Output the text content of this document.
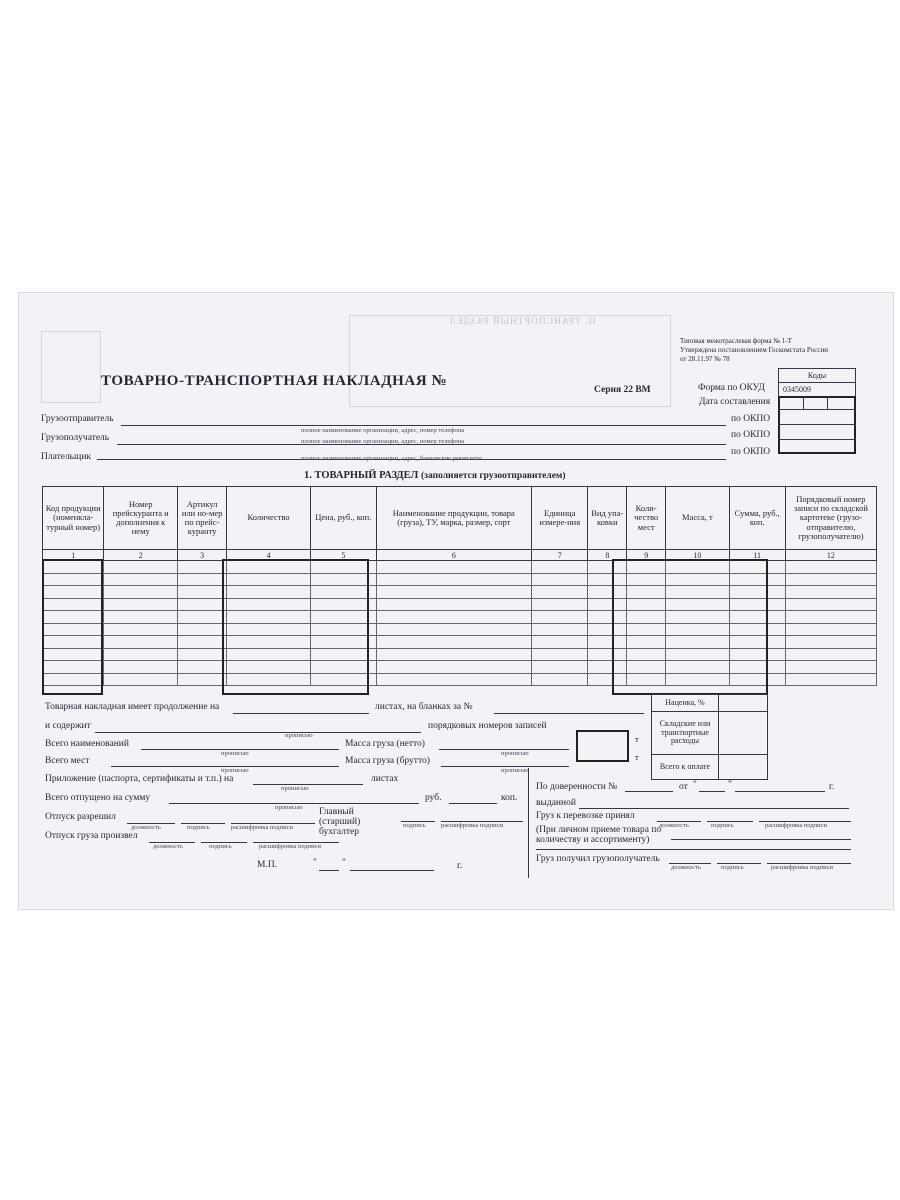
II. ТРАНСПОРТНЫЙ РАЗДЕЛ
Типовая межотраслевая форма № 1-Т
Утверждена постановлением Госкомстата России
от 28.11.97 № 78
Коды
0345009
Форма по ОКУД
Дата составления
ТОВАРНО-ТРАНСПОРТНАЯ НАКЛАДНАЯ №
Серия 22 ВМ
Грузоотправитель
полное наименование организации, адрес, номер телефона
по ОКПО
Грузополучатель	полное наименование организации, адрес, номер телефона
по ОКПО
Плательщик	полное наименование организации, адрес, банковские реквизиты
по ОКПО
1. ТОВАРНЫЙ РАЗДЕЛ (заполняется грузоотправителем)
Код продукции (номенкла-турный номер)	Номер прейскуранта и дополнения к нему	Артикул или но-мер по прейс-куранту	Количество	Цена, руб., коп.	Наименование продукции, товара (груза), ТУ, марка, размер, сорт	Единица измере-ния	Вид упа-ковки	Коли-чество мест	Масса, т	Сумма, руб., коп.	Порядковый номер записи по складской картотеке (грузо-отправителю, грузополучателю)
1	2	3	4	5	6	7	8	9	10	11	12

Наценка, %	
Складские или транспортные расходы	
Всего к оплате	
Товарная накладная имеет продолжение на	листах, на бланках за №
и содержит	порядковых номеров записей
прописью
Всего наименований
прописью
Масса груза (нетто)
прописью
т
т
Всего мест
прописью
Масса груза (брутто)
прописью
Приложение (паспорта, сертификаты и т.п.) на
прописью
листах
Всего отпущено на сумму
прописью
руб.	коп.
Отпуск разрешил
должность	подпись	расшифровка подписи
Главный (старший) бухгалтер
подпись расшифровка подписи
Отпуск груза произвел
должность	подпись	расшифровка подписи
М.П.	"	"	г.
По доверенности №	от "	"	г.
выданной
Груз к перевозке принял
должность	подпись	расшифровка подписи
(При личном приеме товара по количеству и ассортименту)
Груз получил грузополучатель
должность	подпись	расшифровка подписи
